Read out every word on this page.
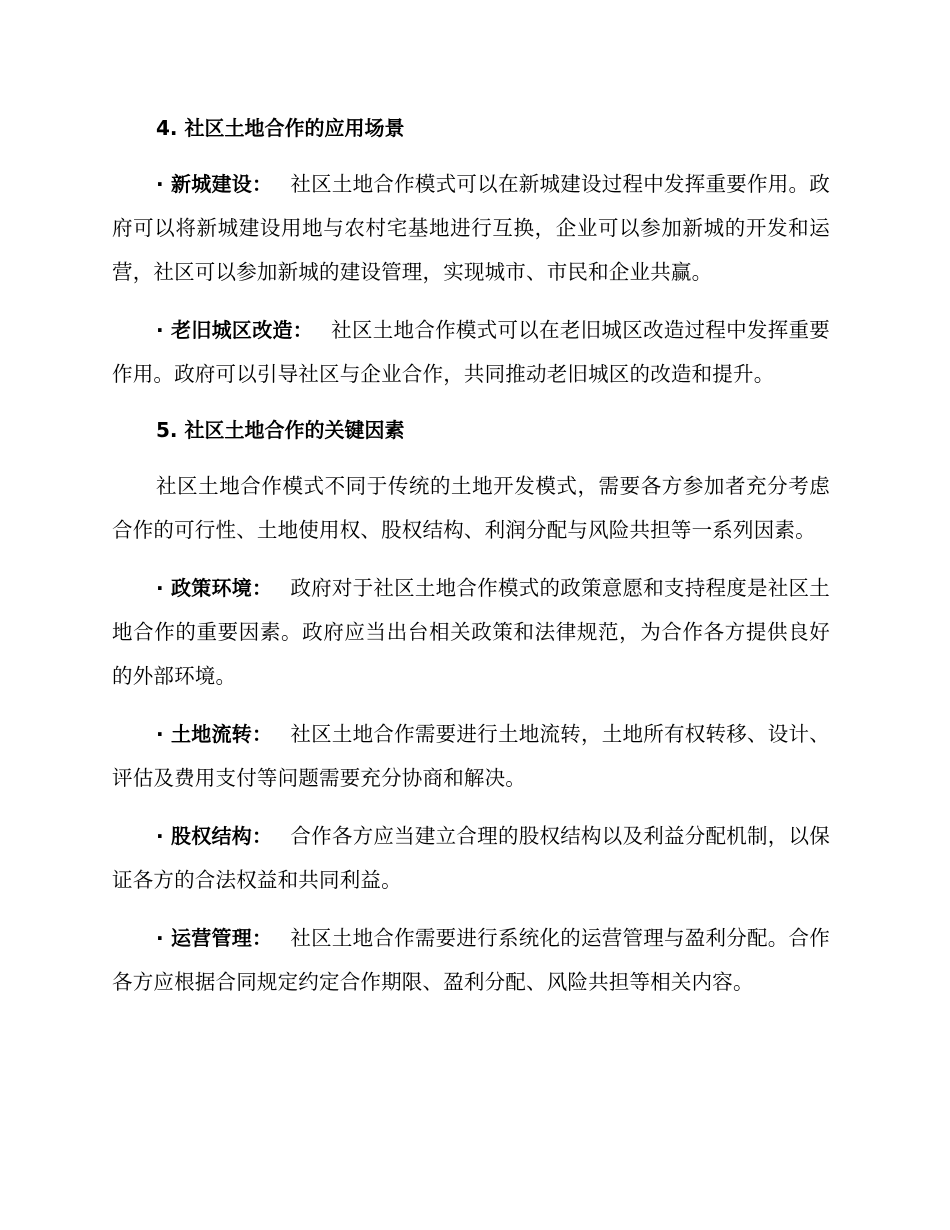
4. 社区土地合作的应用场景

· 新城建设： 社区土地合作模式可以在新城建设过程中发挥重要作用。政府可以将新城建设用地与农村宅基地进行互换，企业可以参加新城的开发和运营，社区可以参加新城的建设管理，实现城市、市民和企业共赢。

· 老旧城区改造： 社区土地合作模式可以在老旧城区改造过程中发挥重要作用。政府可以引导社区与企业合作，共同推动老旧城区的改造和提升。

5. 社区土地合作的关键因素

社区土地合作模式不同于传统的土地开发模式，需要各方参加者充分考虑合作的可行性、土地使用权、股权结构、利润分配与风险共担等一系列因素。

· 政策环境： 政府对于社区土地合作模式的政策意愿和支持程度是社区土地合作的重要因素。政府应当出台相关政策和法律规范，为合作各方提供良好的外部环境。

· 土地流转： 社区土地合作需要进行土地流转，土地所有权转移、设计、评估及费用支付等问题需要充分协商和解决。

· 股权结构： 合作各方应当建立合理的股权结构以及利益分配机制，以保证各方的合法权益和共同利益。

· 运营管理： 社区土地合作需要进行系统化的运营管理与盈利分配。合作各方应根据合同规定约定合作期限、盈利分配、风险共担等相关内容。
